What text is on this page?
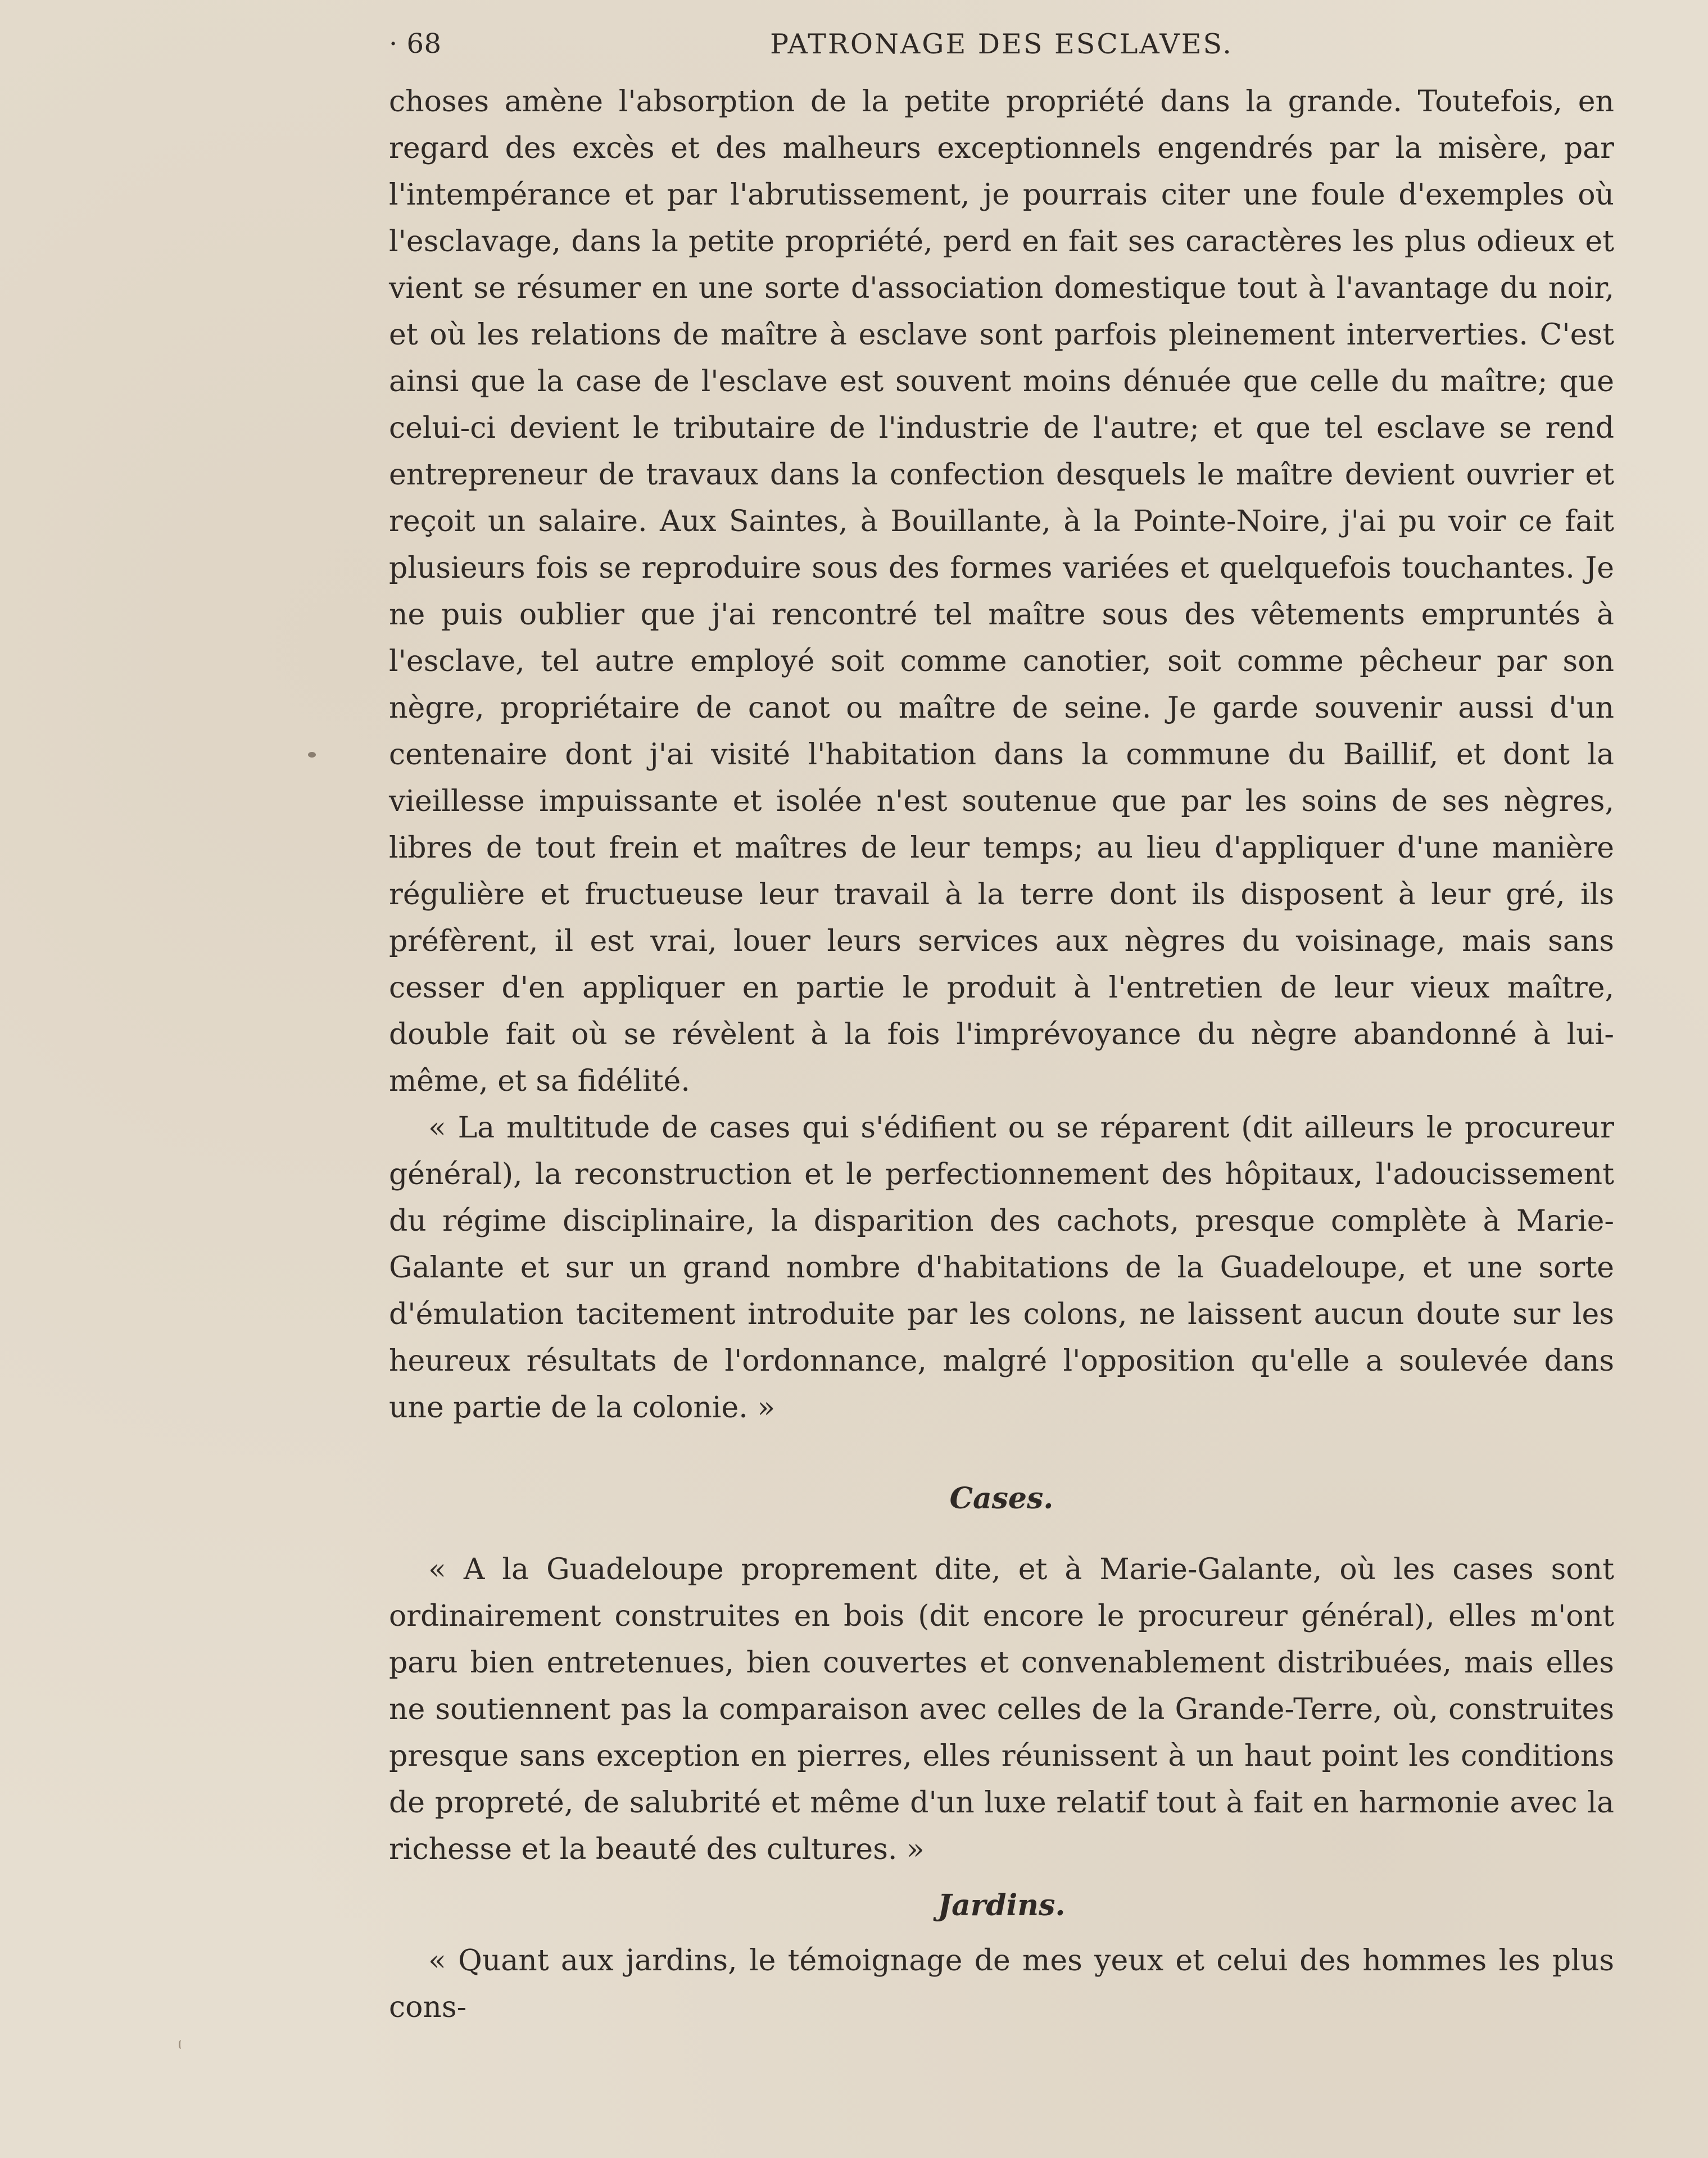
· 68	PATRONAGE DES ESCLAVES.

choses amène l'absorption de la petite propriété dans la grande. Toutefois, en regard des excès et des malheurs exceptionnels engendrés par la misère, par l'intempérance et par l'abrutissement, je pourrais citer une foule d'exemples où l'esclavage, dans la petite propriété, perd en fait ses caractères les plus odieux et vient se résumer en une sorte d'association domestique tout à l'avantage du noir, et où les relations de maître à esclave sont parfois pleinement interverties. C'est ainsi que la case de l'esclave est souvent moins dénuée que celle du maître; que celui-ci devient le tributaire de l'industrie de l'autre; et que tel esclave se rend entrepreneur de travaux dans la confection desquels le maître devient ouvrier et reçoit un salaire. Aux Saintes, à Bouillante, à la Pointe-Noire, j'ai pu voir ce fait plusieurs fois se reproduire sous des formes variées et quelquefois touchantes. Je ne puis oublier que j'ai rencontré tel maître sous des vêtements empruntés à l'esclave, tel autre employé soit comme canotier, soit comme pêcheur par son nègre, propriétaire de canot ou maître de seine. Je garde souvenir aussi d'un centenaire dont j'ai visité l'habitation dans la commune du Baillif, et dont la vieillesse impuissante et isolée n'est soutenue que par les soins de ses nègres, libres de tout frein et maîtres de leur temps; au lieu d'appliquer d'une manière régulière et fructueuse leur travail à la terre dont ils disposent à leur gré, ils préfèrent, il est vrai, louer leurs services aux nègres du voisinage, mais sans cesser d'en appliquer en partie le produit à l'entretien de leur vieux maître, double fait où se révèlent à la fois l'imprévoyance du nègre abandonné à lui-même, et sa fidélité.

« La multitude de cases qui s'édifient ou se réparent (dit ailleurs le procureur général), la reconstruction et le perfectionnement des hôpitaux, l'adoucissement du régime disciplinaire, la disparition des cachots, presque complète à Marie-Galante et sur un grand nombre d'habitations de la Guadeloupe, et une sorte d'émulation tacitement introduite par les colons, ne laissent aucun doute sur les heureux résultats de l'ordonnance, malgré l'opposition qu'elle a soulevée dans une partie de la colonie. »

Cases.

« A la Guadeloupe proprement dite, et à Marie-Galante, où les cases sont ordinairement construites en bois (dit encore le procureur général), elles m'ont paru bien entretenues, bien couvertes et convenablement distribuées, mais elles ne soutiennent pas la comparaison avec celles de la Grande-Terre, où, construites presque sans exception en pierres, elles réunissent à un haut point les conditions de propreté, de salubrité et même d'un luxe relatif tout à fait en harmonie avec la richesse et la beauté des cultures. »

Jardins.

« Quant aux jardins, le témoignage de mes yeux et celui des hommes les plus cons-
